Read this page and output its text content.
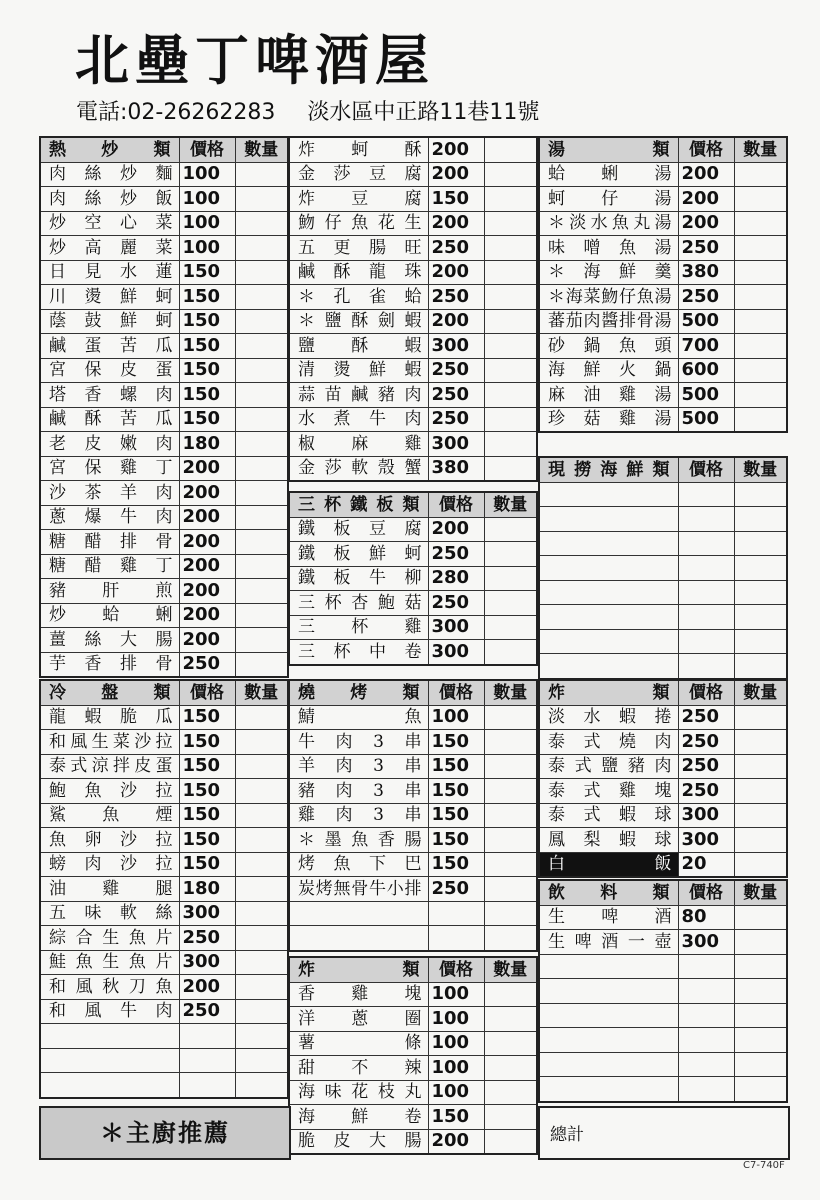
北壘丁啤酒屋
電話:02-26262283 淡水區中正路11巷11號
熱炒類	價格	數量
肉絲炒麵	100	
肉絲炒飯	100	
炒空心菜	100	
炒高麗菜	100	
日見水蓮	150	
川燙鮮蚵	150	
蔭鼓鮮蚵	150	
鹹蛋苦瓜	150	
宮保皮蛋	150	
塔香螺肉	150	
鹹酥苦瓜	150	
老皮嫩肉	180	
宮保雞丁	200	
沙茶羊肉	200	
蔥爆牛肉	200	
糖醋排骨	200	
糖醋雞丁	200	
豬肝煎	200	
炒蛤蜊	200	
薑絲大腸	200	
芋香排骨	250	
冷盤類	價格	數量
龍蝦脆瓜	150	
和風生菜沙拉	150	
泰式涼拌皮蛋	150	
鮑魚沙拉	150	
鯊魚煙	150	
魚卵沙拉	150	
螃肉沙拉	150	
油雞腿	180	
五味軟絲	300	
綜合生魚片	250	
鮭魚生魚片	300	
和風秋刀魚	200	
和風牛肉	250	

炸蚵酥	200	
金莎豆腐	200	
炸豆腐	150	
魩仔魚花生	200	
五更腸旺	250	
鹹酥龍珠	200	
＊孔雀蛤	250	
＊鹽酥劍蝦	200	
鹽酥蝦	300	
清燙鮮蝦	250	
蒜苗鹹豬肉	250	
水煮牛肉	250	
椒麻雞	300	
金莎軟殼蟹	380	
三杯鐵板類	價格	數量
鐵板豆腐	200	
鐵板鮮蚵	250	
鐵板牛柳	280	
三杯杏鮑菇	250	
三杯雞	300	
三杯中卷	300	
燒烤類	價格	數量
鯖魚	100	
牛肉3串	150	
羊肉3串	150	
豬肉3串	150	
雞肉3串	150	
＊墨魚香腸	150	
烤魚下巴	150	
炭烤無骨牛小排	250	

炸類	價格	數量
香雞塊	100	
洋蔥圈	100	
薯條	100	
甜不辣	100	
海味花枝丸	100	
海鮮卷	150	
脆皮大腸	200	
湯類	價格	數量
蛤蜊湯	200	
蚵仔湯	200	
＊淡水魚丸湯	200	
味噌魚湯	250	
＊海鮮羹	380	
＊海菜魩仔魚湯	250	
蕃茄肉醬排骨湯	500	
砂鍋魚頭	700	
海鮮火鍋	600	
麻油雞湯	500	
珍菇雞湯	500	
現撈海鮮類	價格	數量

炸類	價格	數量
淡水蝦捲	250	
泰式燒肉	250	
泰式鹽豬肉	250	
泰式雞塊	250	
泰式蝦球	300	
鳳梨蝦球	300	
白飯	20	
飲料類	價格	數量
生啤酒	80	
生啤酒一壺	300	

＊主廚推薦	總計
C7-740F
